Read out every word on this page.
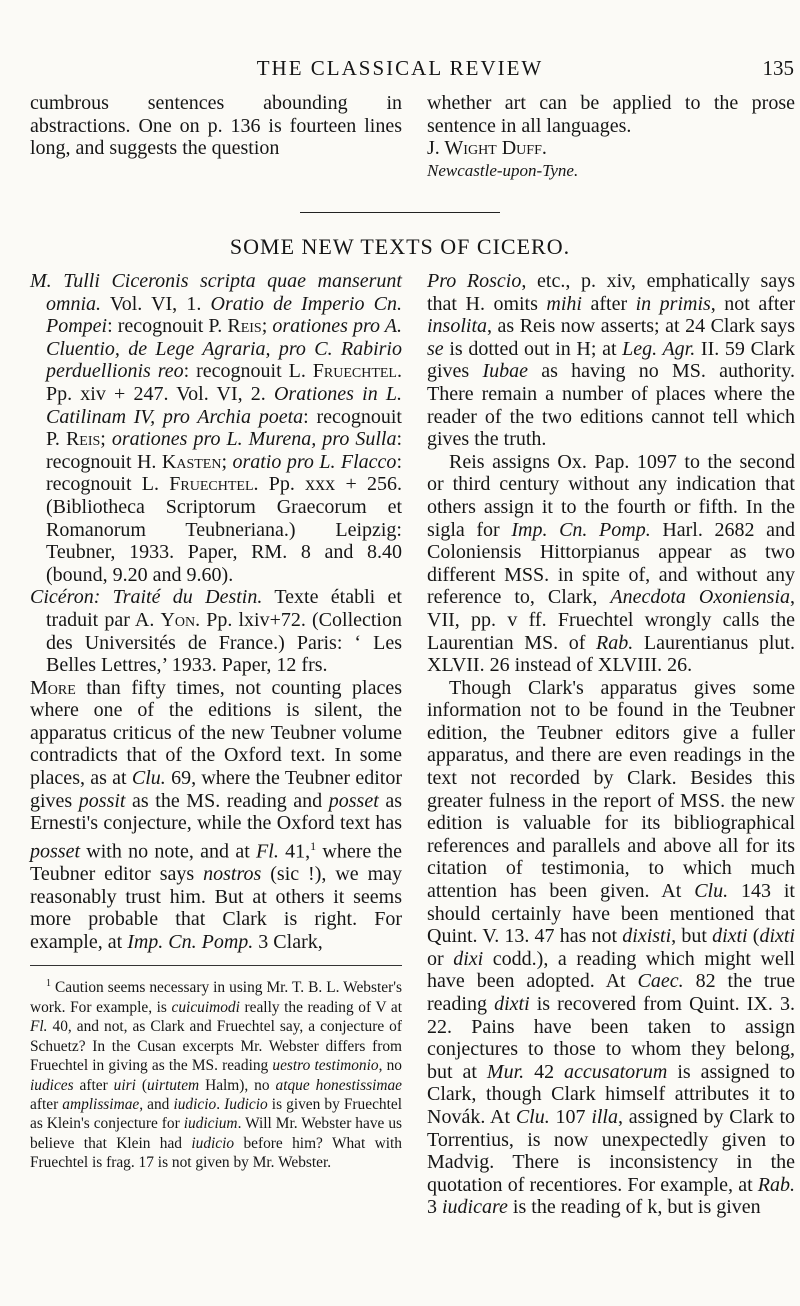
THE CLASSICAL REVIEW	135

cumbrous sentences abounding in abstractions. One on p. 136 is fourteen lines long, and suggests the question

whether art can be applied to the prose sentence in all languages.

J. Wight Duff.

Newcastle-upon-Tyne.

SOME NEW TEXTS OF CICERO.

M. Tulli Ciceronis scripta quae manserunt omnia. Vol. VI, 1. Oratio de Imperio Cn. Pompei: recognouit P. Reis; orationes pro A. Cluentio, de Lege Agraria, pro C. Rabirio perduellionis reo: recognouit L. Fruechtel. Pp. xiv + 247. Vol. VI, 2. Orationes in L. Catilinam IV, pro Archia poeta: recognouit P. Reis; orationes pro L. Murena, pro Sulla: recognouit H. Kasten; oratio pro L. Flacco: recognouit L. Fruechtel. Pp. xxx + 256. (Bibliotheca Scriptorum Graecorum et Romanorum Teubneriana.) Leipzig: Teubner, 1933. Paper, RM. 8 and 8.40 (bound, 9.20 and 9.60).

Cicéron: Traité du Destin. Texte établi et traduit par A. Yon. Pp. lxiv+72. (Collection des Universités de France.) Paris: ‘ Les Belles Lettres,’ 1933. Paper, 12 frs.

More than fifty times, not counting places where one of the editions is silent, the apparatus criticus of the new Teubner volume contradicts that of the Oxford text. In some places, as at Clu. 69, where the Teubner editor gives possit as the MS. reading and posset as Ernesti's conjecture, while the Oxford text has posset with no note, and at Fl. 41,$^1$ where the Teubner editor says nostros (sic !), we may reasonably trust him. But at others it seems more probable that Clark is right. For example, at Imp. Cn. Pomp. 3 Clark,

$^1$ Caution seems necessary in using Mr. T. B. L. Webster's work. For example, is cuicuimodi really the reading of V at Fl. 40, and not, as Clark and Fruechtel say, a conjecture of Schuetz? In the Cusan excerpts Mr. Webster differs from Fruechtel in giving as the MS. reading uestro testimonio, no iudices after uiri (uirtutem Halm), no atque honestissimae after amplissimae, and iudicio. Iudicio is given by Fruechtel as Klein's conjecture for iudicium. Will Mr. Webster have us believe that Klein had iudicio before him? What with Fruechtel is frag. 17 is not given by Mr. Webster.

Pro Roscio, etc., p. xiv, emphatically says that H. omits mihi after in primis, not after insolita, as Reis now asserts; at 24 Clark says se is dotted out in H; at Leg. Agr. II. 59 Clark gives Iubae as having no MS. authority. There remain a number of places where the reader of the two editions cannot tell which gives the truth.

Reis assigns Ox. Pap. 1097 to the second or third century without any indication that others assign it to the fourth or fifth. In the sigla for Imp. Cn. Pomp. Harl. 2682 and Coloniensis Hittorpianus appear as two different MSS. in spite of, and without any reference to, Clark, Anecdota Oxoniensia, VII, pp. v ff. Fruechtel wrongly calls the Laurentian MS. of Rab. Laurentianus plut. XLVII. 26 instead of XLVIII. 26.

Though Clark's apparatus gives some information not to be found in the Teubner edition, the Teubner editors give a fuller apparatus, and there are even readings in the text not recorded by Clark. Besides this greater fulness in the report of MSS. the new edition is valuable for its bibliographical references and parallels and above all for its citation of testimonia, to which much attention has been given. At Clu. 143 it should certainly have been mentioned that Quint. V. 13. 47 has not dixisti, but dixti (dixti or dixi codd.), a reading which might well have been adopted. At Caec. 82 the true reading dixti is recovered from Quint. IX. 3. 22. Pains have been taken to assign conjectures to those to whom they belong, but at Mur. 42 accusatorum is assigned to Clark, though Clark himself attributes it to Novák. At Clu. 107 illa, assigned by Clark to Torrentius, is now unexpectedly given to Madvig. There is inconsistency in the quotation of recentiores. For example, at Rab. 3 iudicare is the reading of k, but is given
